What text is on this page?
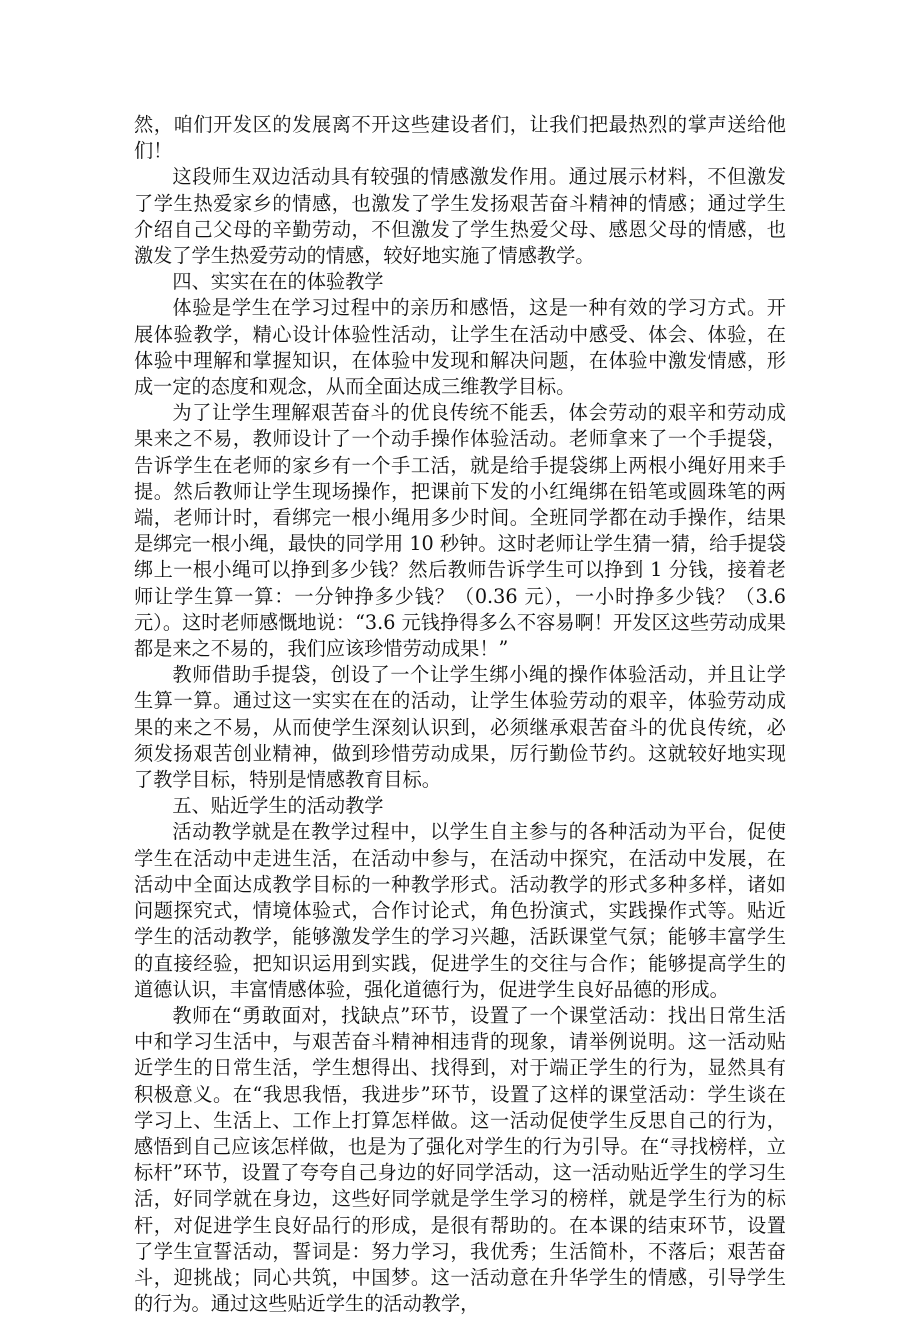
然，咱们开发区的发展离不开这些建设者们，让我们把最热烈的掌声送给他们！

这段师生双边活动具有较强的情感激发作用。通过展示材料，不但激发了学生热爱家乡的情感，也激发了学生发扬艰苦奋斗精神的情感；通过学生介绍自己父母的辛勤劳动，不但激发了学生热爱父母、感恩父母的情感，也激发了学生热爱劳动的情感，较好地实施了情感教学。

四、实实在在的体验教学

体验是学生在学习过程中的亲历和感悟，这是一种有效的学习方式。开展体验教学，精心设计体验性活动，让学生在活动中感受、体会、体验，在体验中理解和掌握知识，在体验中发现和解决问题，在体验中激发情感，形成一定的态度和观念，从而全面达成三维教学目标。

为了让学生理解艰苦奋斗的优良传统不能丢，体会劳动的艰辛和劳动成果来之不易，教师设计了一个动手操作体验活动。老师拿来了一个手提袋，告诉学生在老师的家乡有一个手工活，就是给手提袋绑上两根小绳好用来手提。然后教师让学生现场操作，把课前下发的小红绳绑在铅笔或圆珠笔的两端，老师计时，看绑完一根小绳用多少时间。全班同学都在动手操作，结果是绑完一根小绳，最快的同学用 10 秒钟。这时老师让学生猜一猜，给手提袋绑上一根小绳可以挣到多少钱？然后教师告诉学生可以挣到 1 分钱，接着老师让学生算一算：一分钟挣多少钱？（0.36 元），一小时挣多少钱？（3.6 元）。这时老师感慨地说：“3.6 元钱挣得多么不容易啊！开发区这些劳动成果都是来之不易的，我们应该珍惜劳动成果！”

教师借助手提袋，创设了一个让学生绑小绳的操作体验活动，并且让学生算一算。通过这一实实在在的活动，让学生体验劳动的艰辛，体验劳动成果的来之不易，从而使学生深刻认识到，必须继承艰苦奋斗的优良传统，必须发扬艰苦创业精神，做到珍惜劳动成果，厉行勤俭节约。这就较好地实现了教学目标，特别是情感教育目标。

五、贴近学生的活动教学

活动教学就是在教学过程中，以学生自主参与的各种活动为平台，促使学生在活动中走进生活，在活动中参与，在活动中探究，在活动中发展，在活动中全面达成教学目标的一种教学形式。活动教学的形式多种多样，诸如问题探究式，情境体验式，合作讨论式，角色扮演式，实践操作式等。贴近学生的活动教学，能够激发学生的学习兴趣，活跃课堂气氛；能够丰富学生的直接经验，把知识运用到实践，促进学生的交往与合作；能够提高学生的道德认识，丰富情感体验，强化道德行为，促进学生良好品德的形成。

教师在“勇敢面对，找缺点”环节，设置了一个课堂活动：找出日常生活中和学习生活中，与艰苦奋斗精神相违背的现象，请举例说明。这一活动贴近学生的日常生活，学生想得出、找得到，对于端正学生的行为，显然具有积极意义。在“我思我悟，我进步”环节，设置了这样的课堂活动：学生谈在学习上、生活上、工作上打算怎样做。这一活动促使学生反思自己的行为，感悟到自己应该怎样做，也是为了强化对学生的行为引导。在“寻找榜样，立标杆”环节，设置了夸夸自己身边的好同学活动，这一活动贴近学生的学习生活，好同学就在身边，这些好同学就是学生学习的榜样，就是学生行为的标杆，对促进学生良好品行的形成，是很有帮助的。在本课的结束环节，设置了学生宣誓活动，誓词是：努力学习，我优秀；生活简朴，不落后；艰苦奋斗，迎挑战；同心共筑，中国梦。这一活动意在升华学生的情感，引导学生的行为。通过这些贴近学生的活动教学，
